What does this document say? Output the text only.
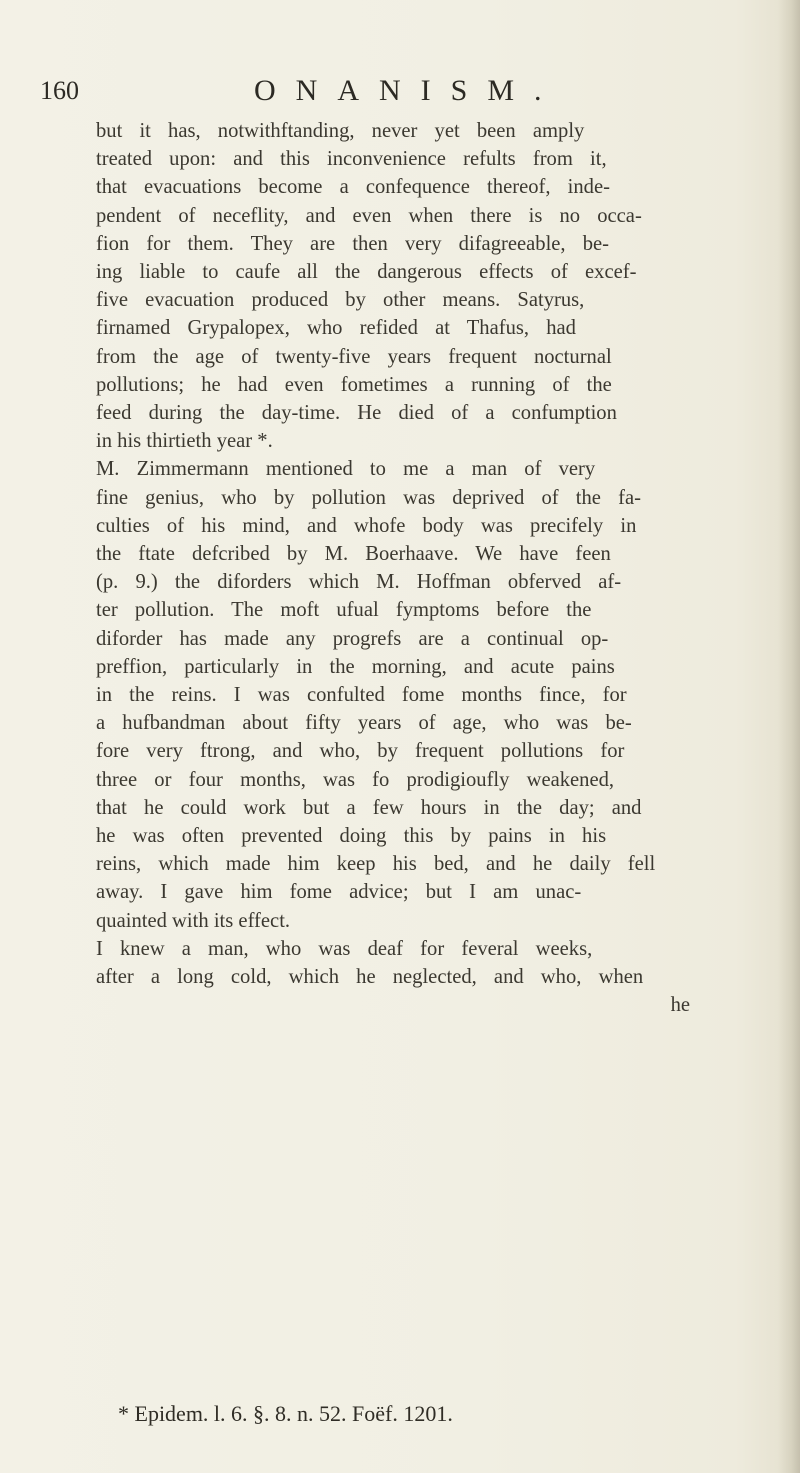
160	ONANISM.
but it has, notwithftanding, never yet been amply
treated upon: and this inconvenience refults from it,
that evacuations become a confequence thereof, inde-
pendent of neceflity, and even when there is no occa-
fion for them. They are then very difagreeable, be-
ing liable to caufe all the dangerous effects of excef-
five evacuation produced by other means. Satyrus,
firnamed Grypalopex, who refided at Thafus, had
from the age of twenty-five years frequent nocturnal
pollutions; he had even fometimes a running of the
feed during the day-time. He died of a confumption
in his thirtieth year *.
M. Zimmermann mentioned to me a man of very
fine genius, who by pollution was deprived of the fa-
culties of his mind, and whofe body was precifely in
the ftate defcribed by M. Boerhaave. We have feen
(p. 9.) the diforders which M. Hoffman obferved af-
ter pollution. The moft ufual fymptoms before the
diforder has made any progrefs are a continual op-
preffion, particularly in the morning, and acute pains
in the reins. I was confulted fome months fince, for
a hufbandman about fifty years of age, who was be-
fore very ftrong, and who, by frequent pollutions for
three or four months, was fo prodigioufly weakened,
that he could work but a few hours in the day; and
he was often prevented doing this by pains in his
reins, which made him keep his bed, and he daily fell
away. I gave him fome advice; but I am unac-
quainted with its effect.
I knew a man, who was deaf for feveral weeks,
after a long cold, which he neglected, and who, when
he
* Epidem. l. 6. §. 8. n. 52. Foëf. 1201.
